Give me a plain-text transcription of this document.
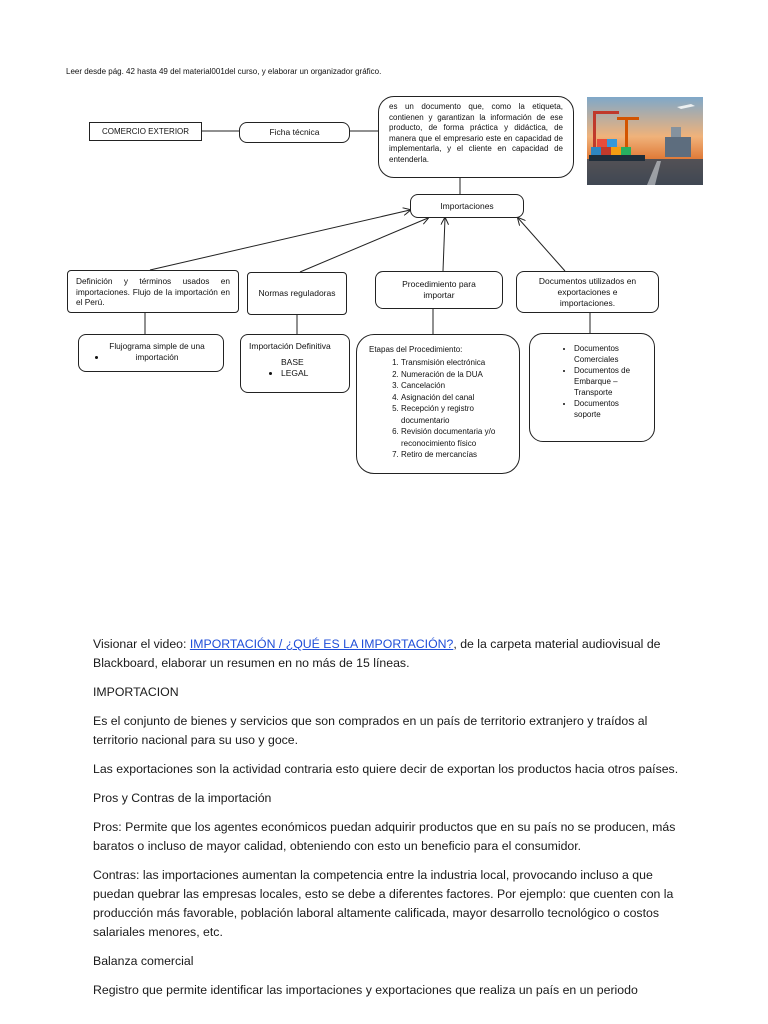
Leer desde pág. 42 hasta 49 del material001del curso, y elaborar un organizador gráfico.
COMERCIO EXTERIOR	Ficha técnica
es un documento que, como la etiqueta, contienen y garantizan la información de ese producto, de forma práctica y didáctica, de manera que el empresario este en capacidad de implementarla, y el cliente en capacidad de entenderla.
Importaciones
Definición y términos usados en importaciones. Flujo de la importación en el Perú.
Normas reguladoras
Procedimiento para importar
Documentos utilizados en exportaciones e importaciones.
• Flujograma simple de una importación
Importación Definitiva
• BASE LEGAL
Etapas del Procedimiento:
1. Transmisión electrónica
2. Numeración de la DUA
3. Cancelación
4. Asignación del canal
5. Recepción y registro documentario
6. Revisión documentaria y/o reconocimiento físico
7. Retiro de mercancías
• Documentos Comerciales
• Documentos de Embarque – Transporte
• Documentos soporte

Visionar el video: IMPORTACIÓN / ¿QUÉ ES LA IMPORTACIÓN?, de la carpeta material audiovisual de Blackboard, elaborar un resumen en no más de 15 líneas.

IMPORTACION

Es el conjunto de bienes y servicios que son comprados en un país de territorio extranjero y traídos al territorio nacional para su uso y goce.

Las exportaciones son la actividad contraria esto quiere decir de exportan los productos hacia otros países.

Pros y Contras de la importación

Pros: Permite que los agentes económicos puedan adquirir productos que en su país no se producen, más baratos o incluso de mayor calidad, obteniendo con esto un beneficio para el consumidor.

Contras: las importaciones aumentan la competencia entre la industria local, provocando incluso a que puedan quebrar las empresas locales, esto se debe a diferentes factores. Por ejemplo: que cuenten con la producción más favorable, población laboral altamente calificada, mayor desarrollo tecnológico o costos salariales menores, etc.

Balanza comercial

Registro que permite identificar las importaciones y exportaciones que realiza un país en un periodo
